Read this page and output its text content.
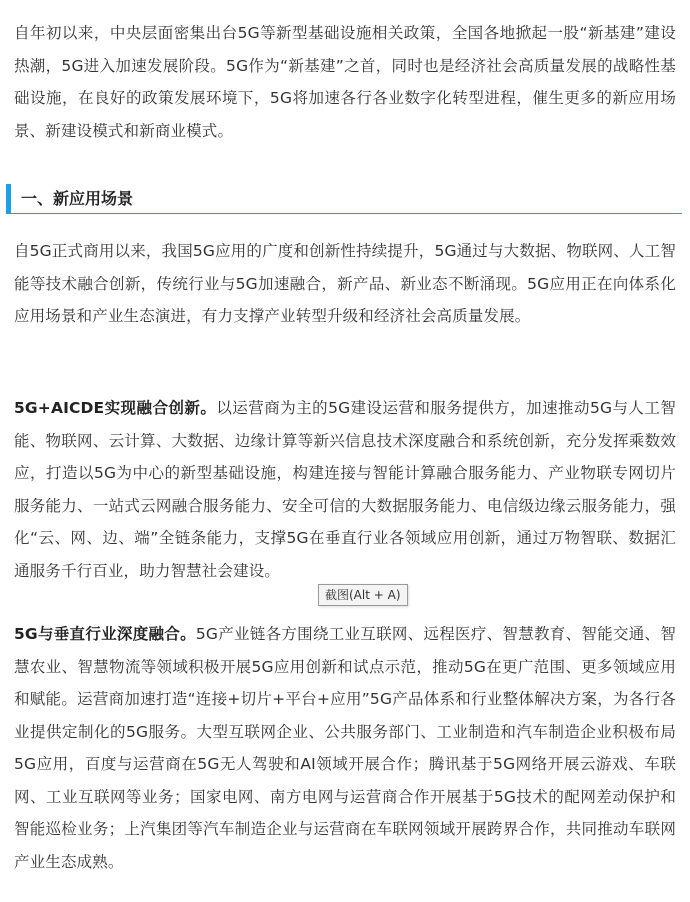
自年初以来，中央层面密集出台5G等新型基础设施相关政策，全国各地掀起一股“新基建”建设热潮，5G进入加速发展阶段。5G作为“新基建”之首，同时也是经济社会高质量发展的战略性基础设施，在良好的政策发展环境下，5G将加速各行各业数字化转型进程，催生更多的新应用场景、新建设模式和新商业模式。

一、新应用场景

自5G正式商用以来，我国5G应用的广度和创新性持续提升，5G通过与大数据、物联网、人工智能等技术融合创新，传统行业与5G加速融合，新产品、新业态不断涌现。5G应用正在向体系化应用场景和产业生态演进，有力支撑产业转型升级和经济社会高质量发展。

5G+AICDE实现融合创新。以运营商为主的5G建设运营和服务提供方，加速推动5G与人工智能、物联网、云计算、大数据、边缘计算等新兴信息技术深度融合和系统创新，充分发挥乘数效应，打造以5G为中心的新型基础设施，构建连接与智能计算融合服务能力、产业物联专网切片服务能力、一站式云网融合服务能力、安全可信的大数据服务能力、电信级边缘云服务能力，强化“云、网、边、端”全链条能力，支撑5G在垂直行业各领域应用创新，通过万物智联、数据汇通服务千行百业，助力智慧社会建设。

5G与垂直行业深度融合。5G产业链各方围绕工业互联网、远程医疗、智慧教育、智能交通、智慧农业、智慧物流等领域积极开展5G应用创新和试点示范，推动5G在更广范围、更多领域应用和赋能。运营商加速打造“连接+切片+平台+应用”5G产品体系和行业整体解决方案，为各行各业提供定制化的5G服务。大型互联网企业、公共服务部门、工业制造和汽车制造企业积极布局5G应用，百度与运营商在5G无人驾驶和AI领域开展合作；腾讯基于5G网络开展云游戏、车联网、工业互联网等业务；国家电网、南方电网与运营商合作开展基于5G技术的配网差动保护和智能巡检业务；上汽集团等汽车制造企业与运营商在车联网领域开展跨界合作，共同推动车联网产业生态成熟。

截图(Alt + A)
